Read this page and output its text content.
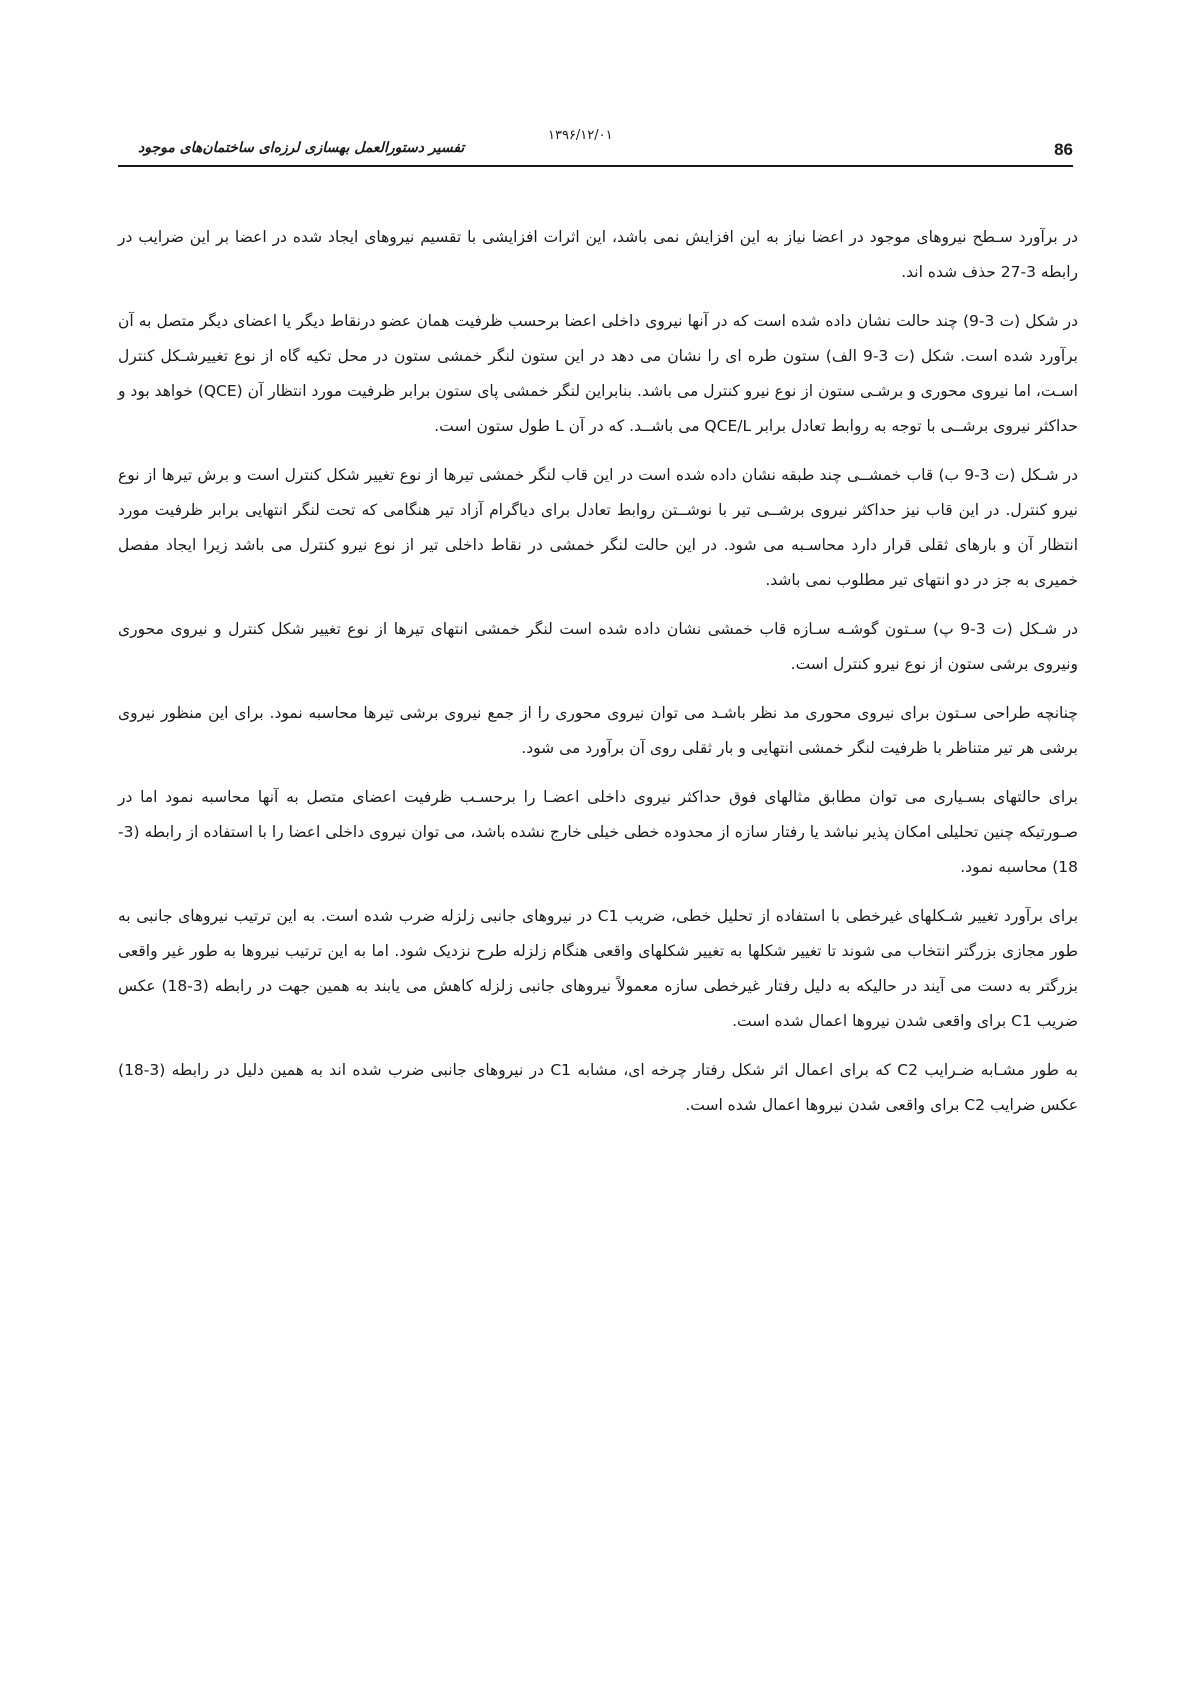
86
۱۳۹۶/۱۲/۰۱
تفسیر دستورالعمل بهسازی لرزه‌ای ساختمان‌های موجود

در برآورد سـطح نیروهای موجود در اعضا نیاز به این افزایش نمی باشد، این اثرات افزایشی با تقسیم نیروهای ایجاد شده در اعضا بر این ضرایب در رابطه 3-27 حذف شده اند.

در شکل (ت 3-9) چند حالت نشان داده شده است که در آنها نیروی داخلی اعضا برحسب ظرفیت همان عضو درنقاط دیگر یا اعضای دیگر متصل به آن برآورد شده است. شکل (ت 3-9 الف) ستون طره ای را نشان می دهد در این ستون لنگر خمشی ستون در محل تکیه گاه از نوع تغییرشـکل کنترل اسـت، اما نیروی محوری و برشـی ستون از نوع نیرو کنترل می باشد. بنابراین لنگر خمشی پای ستون برابر ظرفیت مورد انتظار آن (QCE) خواهد بود و حداکثر نیروی برشــی با توجه به روابط تعادل برابر QCE/L می باشــد. که در آن L طول ستون است.

در شـکل (ت 3-9 ب) قاب خمشــی چند طبقه نشان داده شده است در این قاب لنگر خمشی تیرها از نوع تغییر شکل کنترل است و برش تیرها از نوع نیرو کنترل. در این قاب نیز حداکثر نیروی برشــی تیر با نوشــتن روابط تعادل برای دیاگرام آزاد تیر هنگامی که تحت لنگر انتهایی برابر ظرفیت مورد انتظار آن و بارهای ثقلی قرار دارد محاسـبه می شود. در این حالت لنگر خمشی در نقاط داخلی تیر از نوع نیرو کنترل می باشد زیرا ایجاد مفصل خمیری به جز در دو انتهای تیر مطلوب نمی باشد.

در شـکل (ت 3-9 پ) سـتون گوشـه سـازه قاب خمشی نشان داده شده است لنگر خمشی انتهای تیرها از نوع تغییر شکل کنترل و نیروی محوری ونیروی برشی ستون از نوع نیرو کنترل است.

چنانچه طراحی سـتون برای نیروی محوری مد نظر باشـد می توان نیروی محوری را از جمع نیروی برشی تیرها محاسبه نمود. برای این منظور نیروی برشی هر تیر متناظر با ظرفیت لنگر خمشی انتهایی و بار ثقلی روی آن برآورد می شود.

برای حالتهای بسـیاری می توان مطابق مثالهای فوق حداکثر نیروی داخلی اعضـا را برحسـب ظرفیت اعضای متصل به آنها محاسبه نمود اما در صـورتیکه چنین تحلیلی امکان پذیر نباشد یا رفتار سازه از محدوده خطی خیلی خارج نشده باشد، می توان نیروی داخلی اعضا را با استفاده از رابطه (3-18) محاسبه نمود.

برای برآورد تغییر شـکلهای غیرخطی با استفاده از تحلیل خطی، ضریب C1 در نیروهای جانبی زلزله ضرب شده است. به این ترتیب نیروهای جانبی به طور مجازی بزرگتر انتخاب می شوند تا تغییر شکلها به تغییر شکلهای واقعی هنگام زلزله طرح نزدیک شود. اما به این ترتیب نیروها به طور غیر واقعی بزرگتر به دست می آیند در حالیکه به دلیل رفتار غیرخطی سازه معمولاً نیروهای جانبی زلزله کاهش می یابند به همین جهت در رابطه (3-18) عکس ضریب C1 برای واقعی شدن نیروها اعمال شده است.

به طور مشـابه ضـرایب C2 که برای اعمال اثر شکل رفتار چرخه ای، مشابه C1 در نیروهای جانبی ضرب شده اند به همین دلیل در رابطه (3-18) عکس ضرایب C2 برای واقعی شدن نیروها اعمال شده است.
